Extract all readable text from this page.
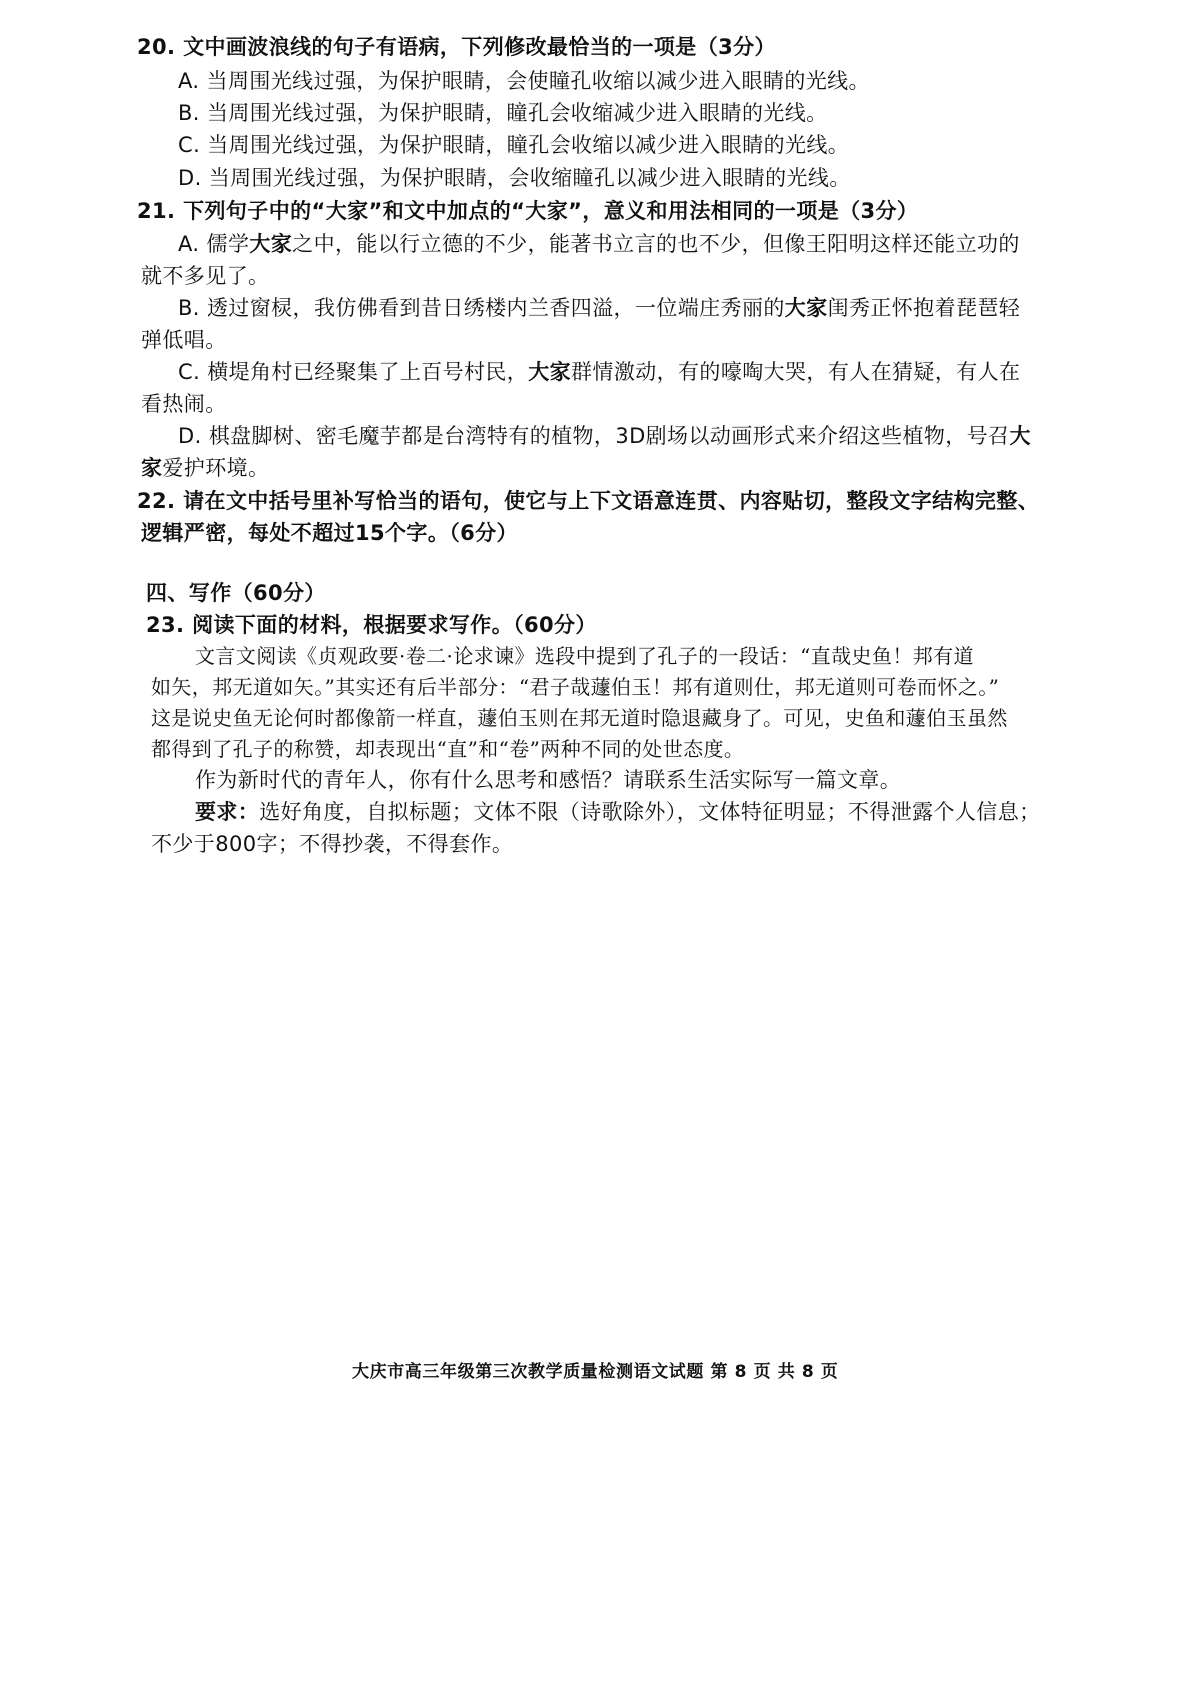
20. 文中画波浪线的句子有语病，下列修改最恰当的一项是（3分）
A. 当周围光线过强，为保护眼睛，会使瞳孔收缩以减少进入眼睛的光线。
B. 当周围光线过强，为保护眼睛，瞳孔会收缩减少进入眼睛的光线。
C. 当周围光线过强，为保护眼睛，瞳孔会收缩以减少进入眼睛的光线。
D. 当周围光线过强，为保护眼睛，会收缩瞳孔以减少进入眼睛的光线。
21. 下列句子中的“大家”和文中加点的“大家”，意义和用法相同的一项是（3分）
A. 儒学大家之中，能以行立德的不少，能著书立言的也不少，但像王阳明这样还能立功的
就不多见了。
B. 透过窗棂，我仿佛看到昔日绣楼内兰香四溢，一位端庄秀丽的大家闺秀正怀抱着琵琶轻
弹低唱。
C. 横堤角村已经聚集了上百号村民，大家群情激动，有的嚎啕大哭，有人在猜疑，有人在
看热闹。
D. 棋盘脚树、密毛魔芋都是台湾特有的植物，3D剧场以动画形式来介绍这些植物，号召大
家爱护环境。
22. 请在文中括号里补写恰当的语句，使它与上下文语意连贯、内容贴切，整段文字结构完整、
逻辑严密，每处不超过15个字。（6分）
四、写作（60分）
23. 阅读下面的材料，根据要求写作。（60分）
文言文阅读《贞观政要·卷二·论求谏》选段中提到了孔子的一段话：“直哉史鱼！邦有道
如矢，邦无道如矢。”其实还有后半部分：“君子哉蘧伯玉！邦有道则仕，邦无道则可卷而怀之。”
这是说史鱼无论何时都像箭一样直，蘧伯玉则在邦无道时隐退藏身了。可见，史鱼和蘧伯玉虽然
都得到了孔子的称赞，却表现出“直”和“卷”两种不同的处世态度。
作为新时代的青年人，你有什么思考和感悟？请联系生活实际写一篇文章。
要求：选好角度，自拟标题；文体不限（诗歌除外），文体特征明显；不得泄露个人信息；
不少于800字；不得抄袭，不得套作。
大庆市高三年级第三次教学质量检测语文试题 第 8 页 共 8 页
